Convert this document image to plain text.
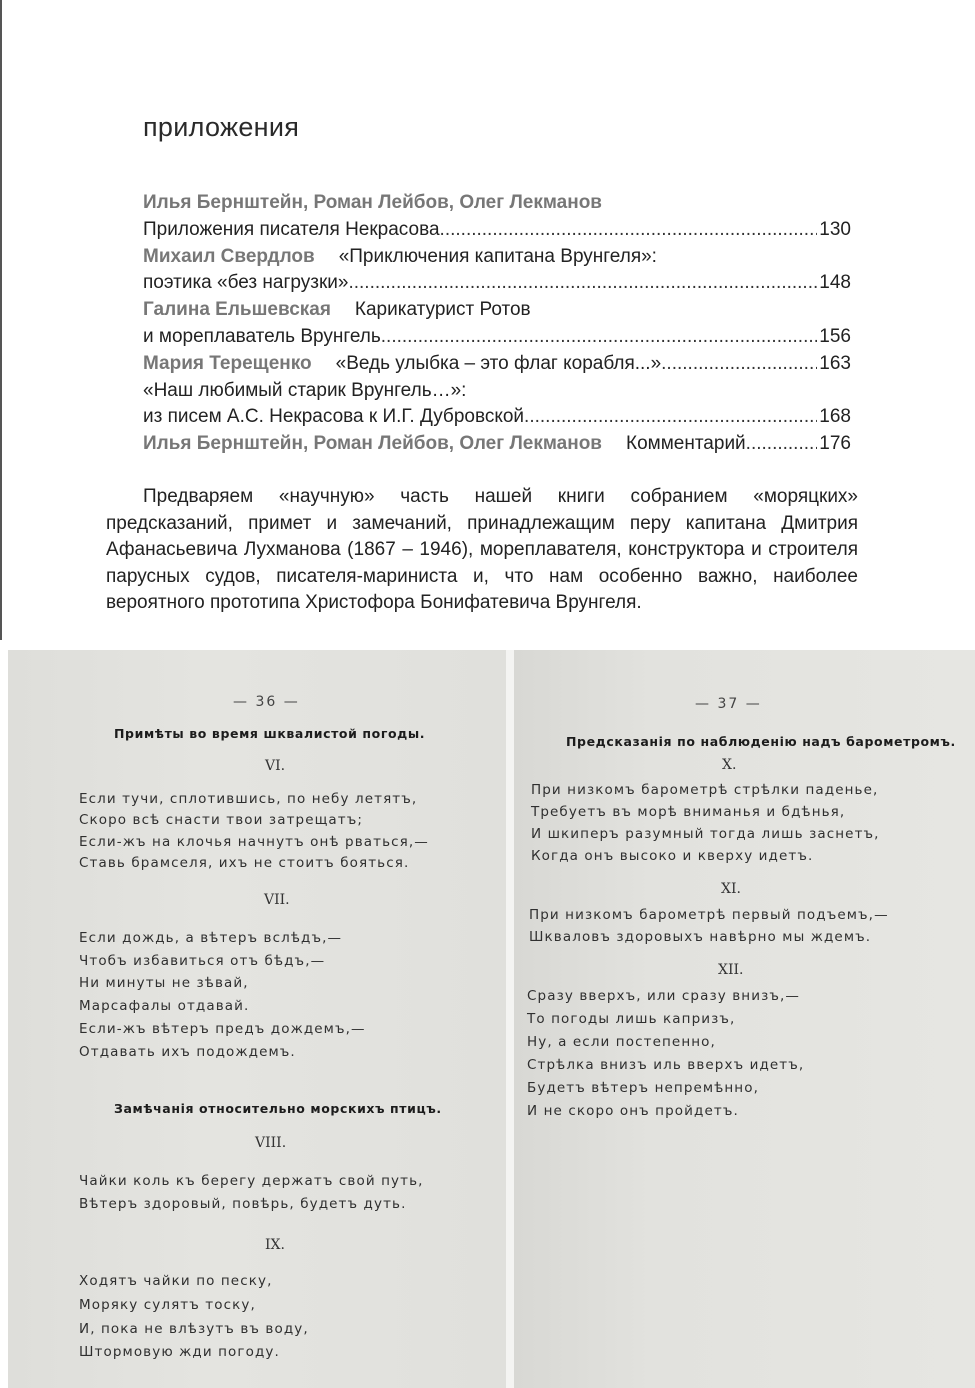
приложения
Илья Бернштейн, Роман Лейбов, Олег Лекманов
Приложения писателя Некрасова .....	130
Михаил Свердлов «Приключения капитана Врунгеля»:
поэтика «без нагрузки» .....	148
Галина Ельшевская Карикатурист Ротов
и мореплаватель Врунгель .....	156
Мария Терещенко «Ведь улыбка – это флаг корабля...» .....	163
«Наш любимый старик Врунгель…»:
из писем А.С. Некрасова к И.Г. Дубровской .....	168
Илья Бернштейн, Роман Лейбов, Олег Лекманов Комментарий .....	176
Предваряем «научную» часть нашей книги собранием «моряцких» предсказаний, примет и замечаний, принадлежащим перу капитана Дмитрия Афанасьевича Лухманова (1867 – 1946), мореплавателя, конструктора и строителя парусных судов, писателя-мариниста и, что нам особенно важно, наиболее вероятного прототипа Христофора Бонифатевича Врунгеля.
— 36 —
Примѣты во время шквалистой погоды.
VI.
Если тучи, сплотившись, по небу летятъ,
Скоро всѣ снасти твои затрещатъ;
Если-жъ на клочья начнутъ онѣ рваться,—
Ставь брамселя, ихъ не стоитъ бояться.
VII.
Если дождь, а вѣтеръ вслѣдъ,—
Чтобъ избавиться отъ бѣдъ,—
Ни минуты не зѣвай,
Марсафалы отдавай.
Если-жъ вѣтеръ предъ дождемъ,—
Отдавать ихъ подождемъ.
Замѣчанія относительно морскихъ птицъ.
VIII.
Чайки коль къ берегу держатъ свой путь,
Вѣтеръ здоровый, повѣрь, будетъ дуть.
IX.
Ходятъ чайки по песку,
Моряку сулятъ тоску,
И, пока не влѣзутъ въ воду,
Штормовую жди погоду.
— 37 —
Предсказанія по наблюденію надъ барометромъ.
X.
При низкомъ барометрѣ стрѣлки паденье,
Требуетъ въ морѣ вниманья и бдѣнья,
И шкиперъ разумный тогда лишь заснетъ,
Когда онъ высоко и кверху идетъ.
XI.
При низкомъ барометрѣ первый подъемъ,—
Шкваловъ здоровыхъ навѣрно мы ждемъ.
XII.
Сразу вверхъ, или сразу внизъ,—
То погоды лишь капризъ,
Ну, а если постепенно,
Стрѣлка внизъ иль вверхъ идетъ,
Будетъ вѣтеръ непремѣнно,
И не скоро онъ пройдетъ.
